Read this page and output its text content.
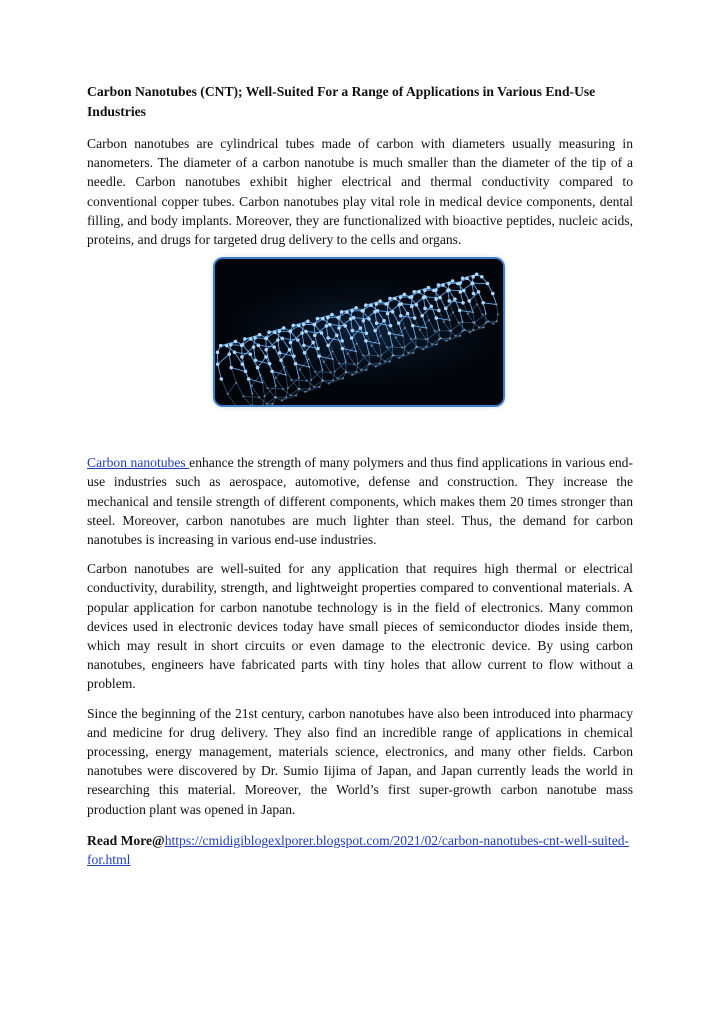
Carbon Nanotubes (CNT); Well-Suited For a Range of Applications in Various End-Use Industries

Carbon nanotubes are cylindrical tubes made of carbon with diameters usually measuring in nanometers. The diameter of a carbon nanotube is much smaller than the diameter of the tip of a needle. Carbon nanotubes exhibit higher electrical and thermal conductivity compared to conventional copper tubes. Carbon nanotubes play vital role in medical device components, dental filling, and body implants. Moreover, they are functionalized with bioactive peptides, nucleic acids, proteins, and drugs for targeted drug delivery to the cells and organs.

Carbon nanotubes enhance the strength of many polymers and thus find applications in various end-use industries such as aerospace, automotive, defense and construction. They increase the mechanical and tensile strength of different components, which makes them 20 times stronger than steel. Moreover, carbon nanotubes are much lighter than steel. Thus, the demand for carbon nanotubes is increasing in various end-use industries.

Carbon nanotubes are well-suited for any application that requires high thermal or electrical conductivity, durability, strength, and lightweight properties compared to conventional materials. A popular application for carbon nanotube technology is in the field of electronics. Many common devices used in electronic devices today have small pieces of semiconductor diodes inside them, which may result in short circuits or even damage to the electronic device. By using carbon nanotubes, engineers have fabricated parts with tiny holes that allow current to flow without a problem.

Since the beginning of the 21st century, carbon nanotubes have also been introduced into pharmacy and medicine for drug delivery. They also find an incredible range of applications in chemical processing, energy management, materials science, electronics, and many other fields. Carbon nanotubes were discovered by Dr. Sumio Iijima of Japan, and Japan currently leads the world in researching this material. Moreover, the World’s first super-growth carbon nanotube mass production plant was opened in Japan.

Read More@https://cmidigiblogexlporer.blogspot.com/2021/02/carbon-nanotubes-cnt-well-suited-for.html
